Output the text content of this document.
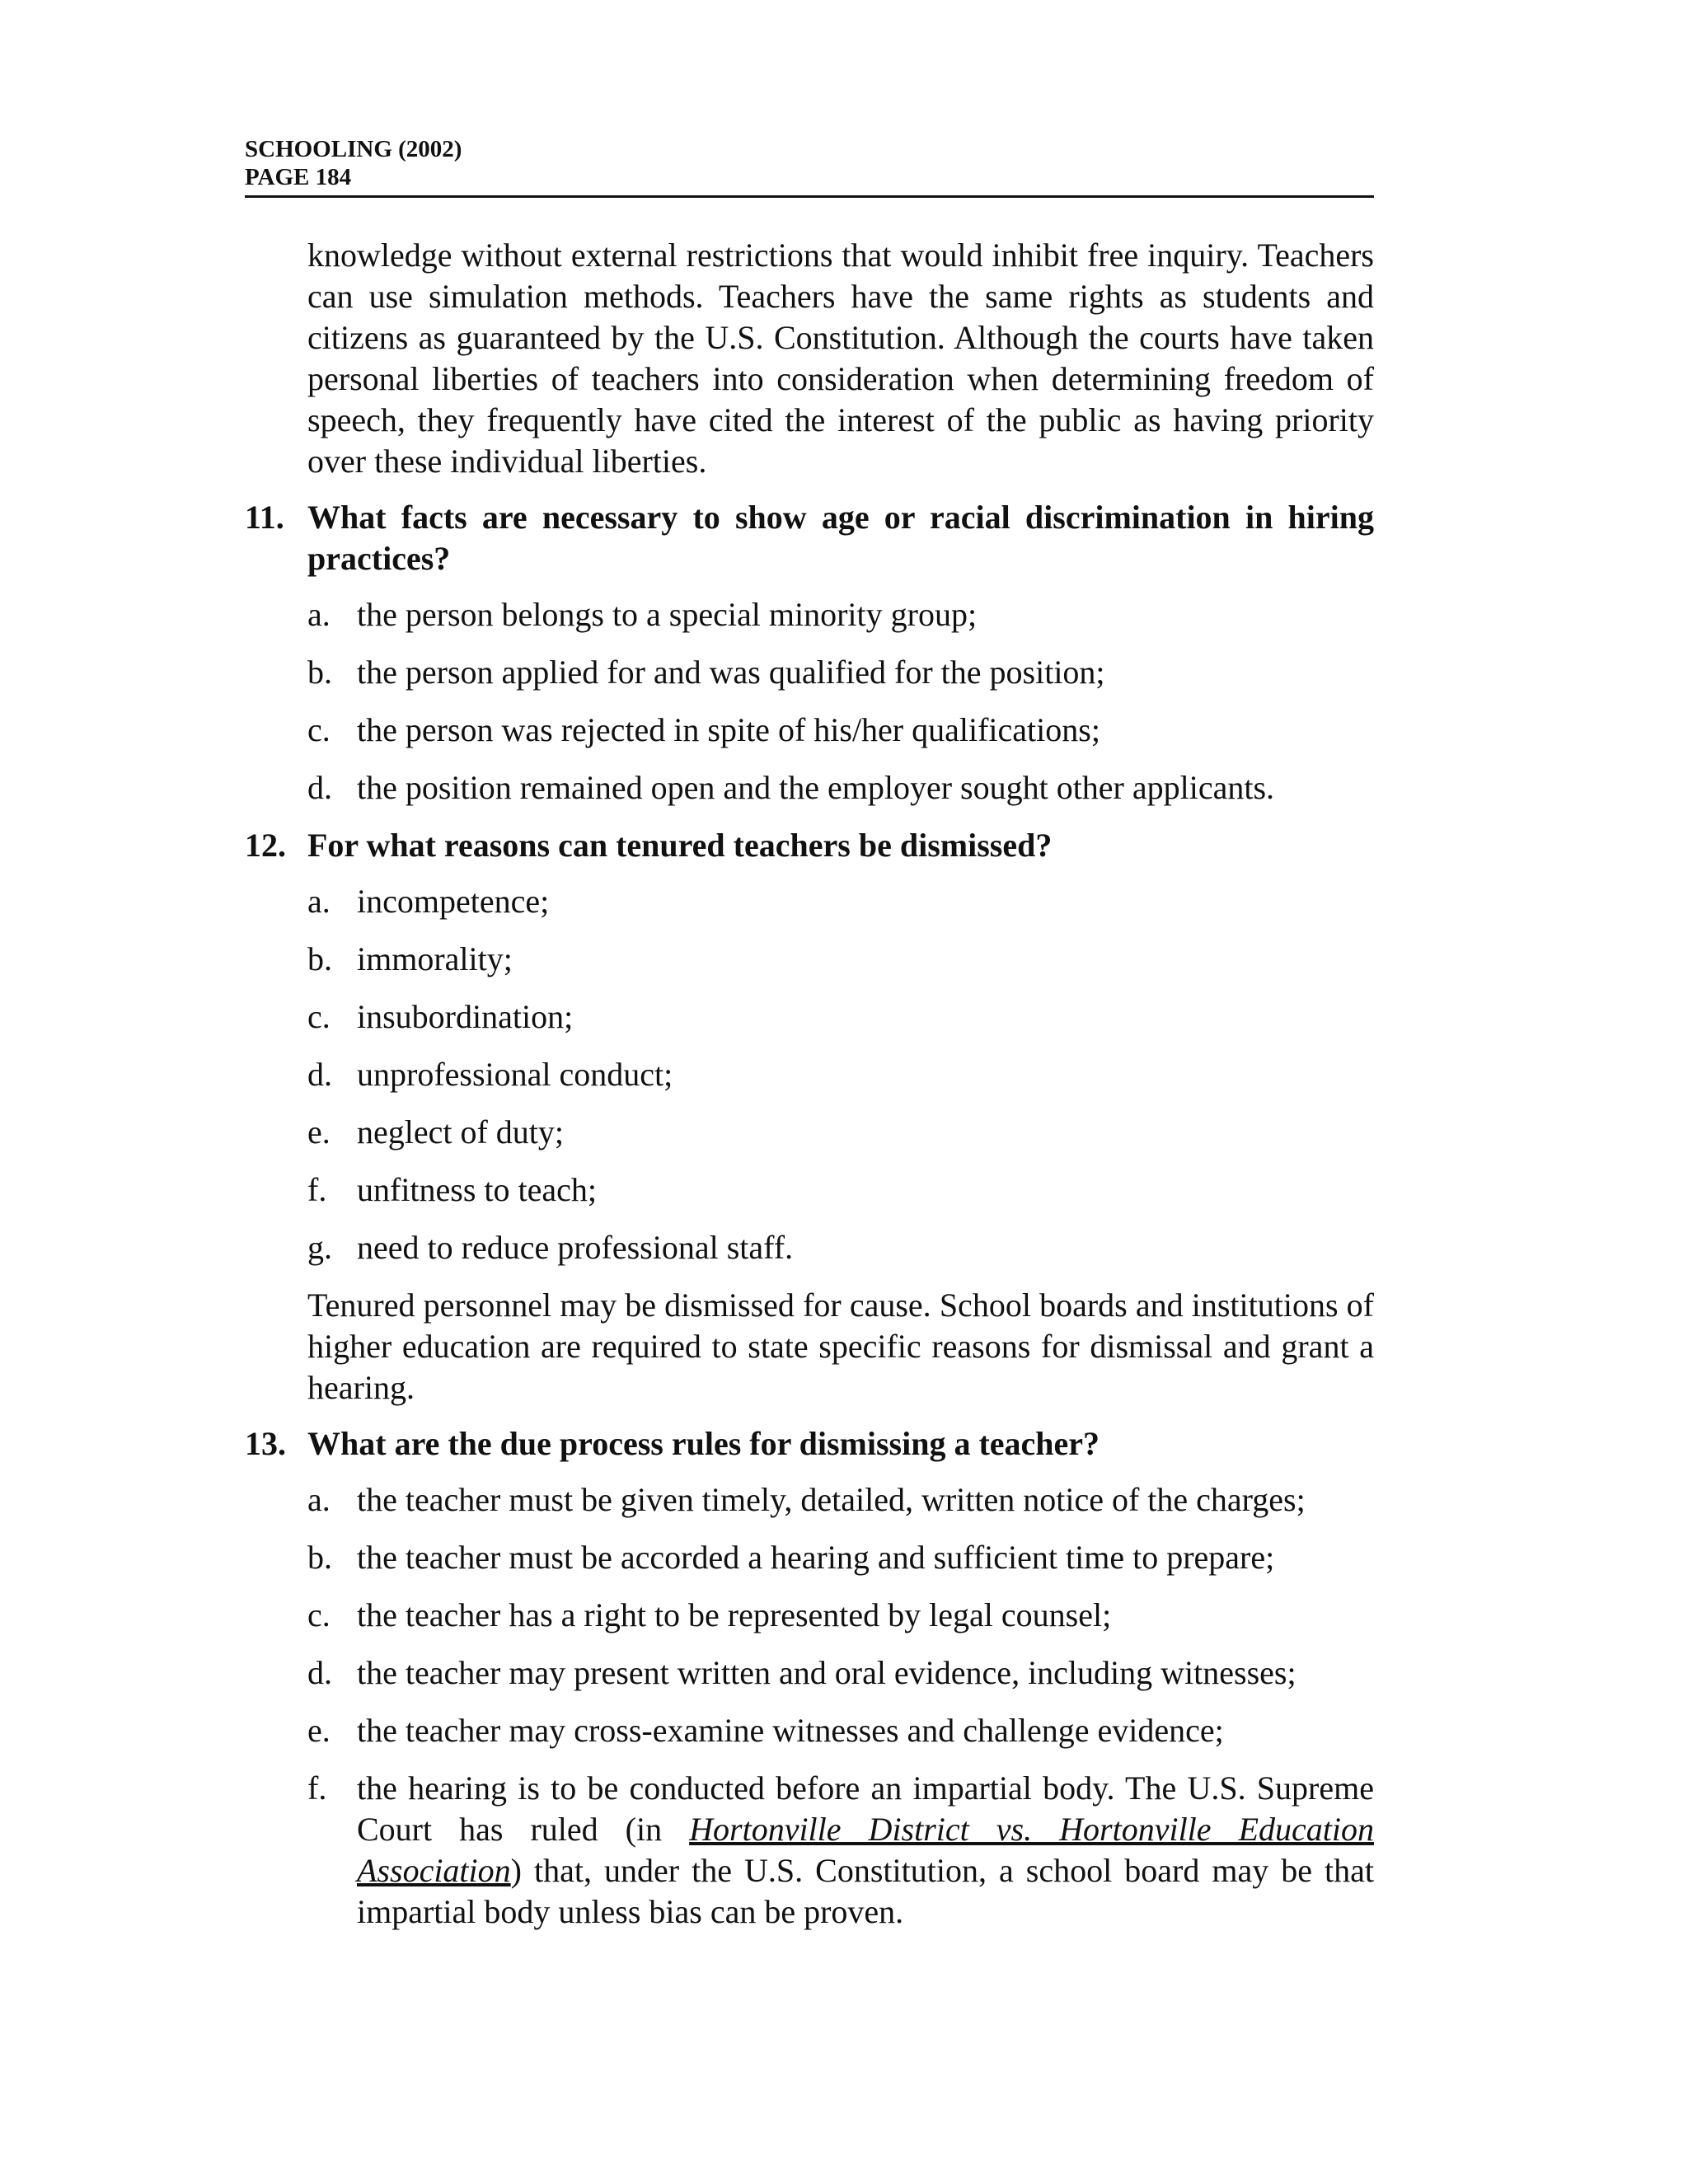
SCHOOLING (2002)
PAGE 184

knowledge without external restrictions that would inhibit free inquiry. Teachers can use simulation methods. Teachers have the same rights as students and citizens as guaranteed by the U.S. Constitution. Although the courts have taken personal liberties of teachers into consideration when determining freedom of speech, they frequently have cited the interest of the public as having priority over these individual liberties.

11. What facts are necessary to show age or racial discrimination in hiring practices?
a. the person belongs to a special minority group;
b. the person applied for and was qualified for the position;
c. the person was rejected in spite of his/her qualifications;
d. the position remained open and the employer sought other applicants.
12. For what reasons can tenured teachers be dismissed?
a. incompetence;
b. immorality;
c. insubordination;
d. unprofessional conduct;
e. neglect of duty;
f. unfitness to teach;
g. need to reduce professional staff.

Tenured personnel may be dismissed for cause. School boards and institutions of higher education are required to state specific reasons for dismissal and grant a hearing.

13. What are the due process rules for dismissing a teacher?
a. the teacher must be given timely, detailed, written notice of the charges;
b. the teacher must be accorded a hearing and sufficient time to prepare;
c. the teacher has a right to be represented by legal counsel;
d. the teacher may present written and oral evidence, including witnesses;
e. the teacher may cross-examine witnesses and challenge evidence;
f. the hearing is to be conducted before an impartial body. The U.S. Supreme Court has ruled (in Hortonville District vs. Hortonville Education Association) that, under the U.S. Constitution, a school board may be that impartial body unless bias can be proven.
